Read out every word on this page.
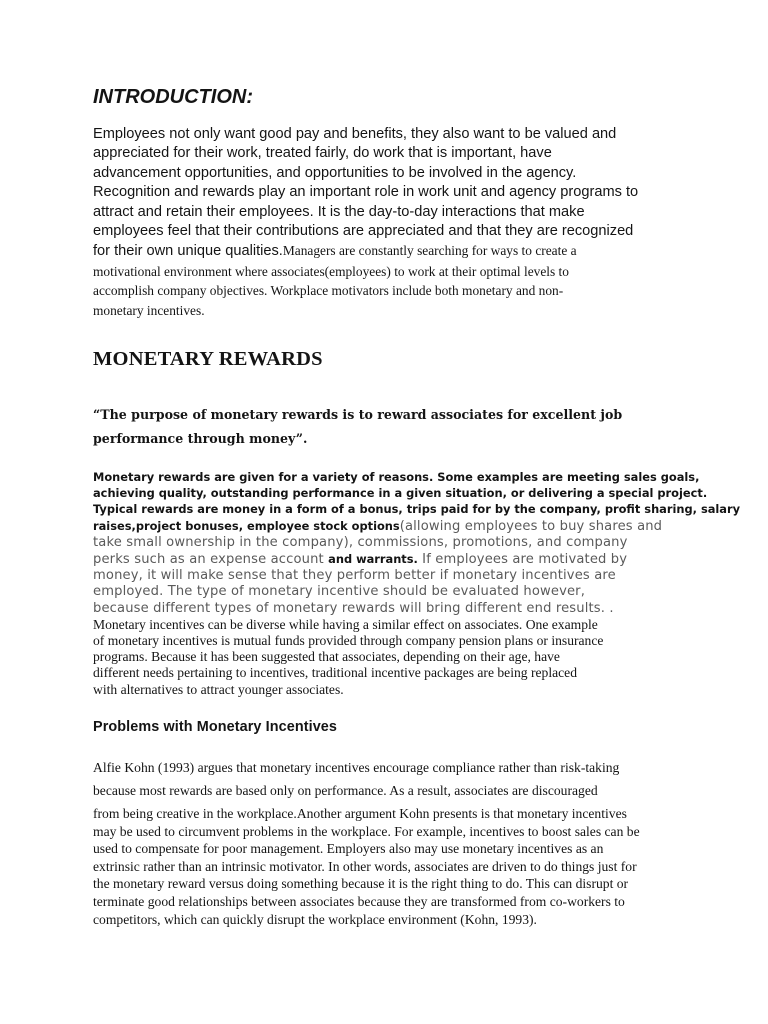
INTRODUCTION:

Employees not only want good pay and benefits, they also want to be valued and
appreciated for their work, treated fairly, do work that is important, have
advancement opportunities, and opportunities to be involved in the agency.
Recognition and rewards play an important role in work unit and agency programs to
attract and retain their employees. It is the day-to-day interactions that make
employees feel that their contributions are appreciated and that they are recognized
for their own unique qualities.Managers are constantly searching for ways to create a
motivational environment where associates(employees) to work at their optimal levels to
accomplish company objectives. Workplace motivators include both monetary and non-
monetary incentives.

MONETARY REWARDS

“The purpose of monetary rewards is to reward associates for excellent job
performance through money”.

Monetary rewards are given for a variety of reasons. Some examples are meeting sales goals,
achieving quality, outstanding performance in a given situation, or delivering a special project.
Typical rewards are money in a form of a bonus, trips paid for by the company, profit sharing, salary
raises,project bonuses, employee stock options(allowing employees to buy shares and
take small ownership in the company), commissions, promotions, and company
perks such as an expense account and warrants. If employees are motivated by
money, it will make sense that they perform better if monetary incentives are
employed. The type of monetary incentive should be evaluated however,
because different types of monetary rewards will bring different end results. .
Monetary incentives can be diverse while having a similar effect on associates. One example
of monetary incentives is mutual funds provided through company pension plans or insurance
programs. Because it has been suggested that associates, depending on their age, have
different needs pertaining to incentives, traditional incentive packages are being replaced
with alternatives to attract younger associates.

Problems with Monetary Incentives

Alfie Kohn (1993) argues that monetary incentives encourage compliance rather than risk-taking
because most rewards are based only on performance. As a result, associates are discouraged

from being creative in the workplace.Another argument Kohn presents is that monetary incentives
may be used to circumvent problems in the workplace. For example, incentives to boost sales can be
used to compensate for poor management. Employers also may use monetary incentives as an
extrinsic rather than an intrinsic motivator. In other words, associates are driven to do things just for
the monetary reward versus doing something because it is the right thing to do. This can disrupt or
terminate good relationships between associates because they are transformed from co-workers to
competitors, which can quickly disrupt the workplace environment (Kohn, 1993).
